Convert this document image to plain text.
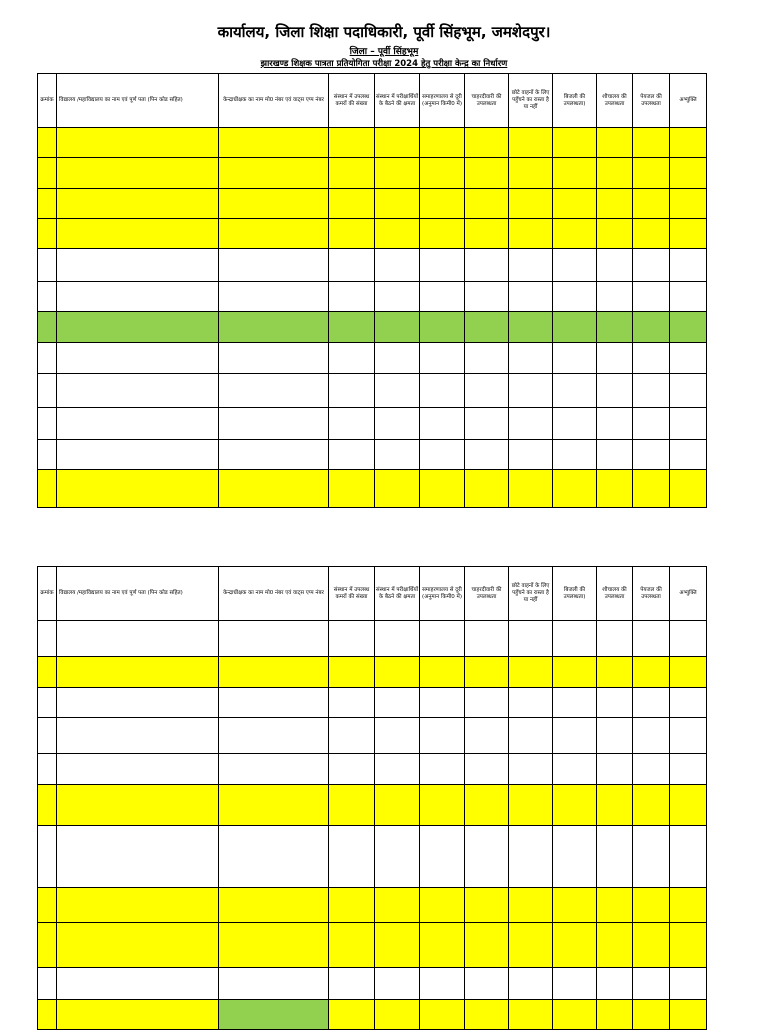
कार्यालय, जिला शिक्षा पदाधिकारी, पूर्वी सिंहभूम, जमशेदपुर।
जिला – पूर्वी सिंहभूम
झारखण्ड शिक्षक पात्रता प्रतियोगिता परीक्षा 2024 हेतु परीक्षा केन्द्र का निर्धारण
क्रमांक	विद्यालय /महाविद्यालय का नाम एवं पूर्ण पता (पिन कोड सहित)	केन्द्राधीक्षक का नाम मो0 नंबर एवं वाट्स एप्प नंबर	संस्थान में उपलब्ध कमरों की संख्या	संस्थान में परीक्षार्थियों के बैठने की क्षमता	समाहरणालय से दूरी (अनुमान किमी0 में)	चाहरदीवारी की उपलब्धता	छोटे वाहनों के लिए पहुँचने का रास्ता है या नहीं	बिजली की उपलब्धता)	शौचालय की उपलब्धता	पेयजल की उपलब्धता	अभ्युक्ति

क्रमांक	विद्यालय /महाविद्यालय का नाम एवं पूर्ण पता (पिन कोड सहित)	केन्द्राधीक्षक का नाम मो0 नंबर एवं वाट्स एप्प नंबर	संस्थान में उपलब्ध कमरों की संख्या	संस्थान में परीक्षार्थियों के बैठने की क्षमता	समाहरणालय से दूरी (अनुमान किमी0 में)	चाहरदीवारी की उपलब्धता	छोटे वाहनों के लिए पहुँचने का रास्ता है या नहीं	बिजली की उपलब्धता)	शौचालय की उपलब्धता	पेयजल की उपलब्धता	अभ्युक्ति
